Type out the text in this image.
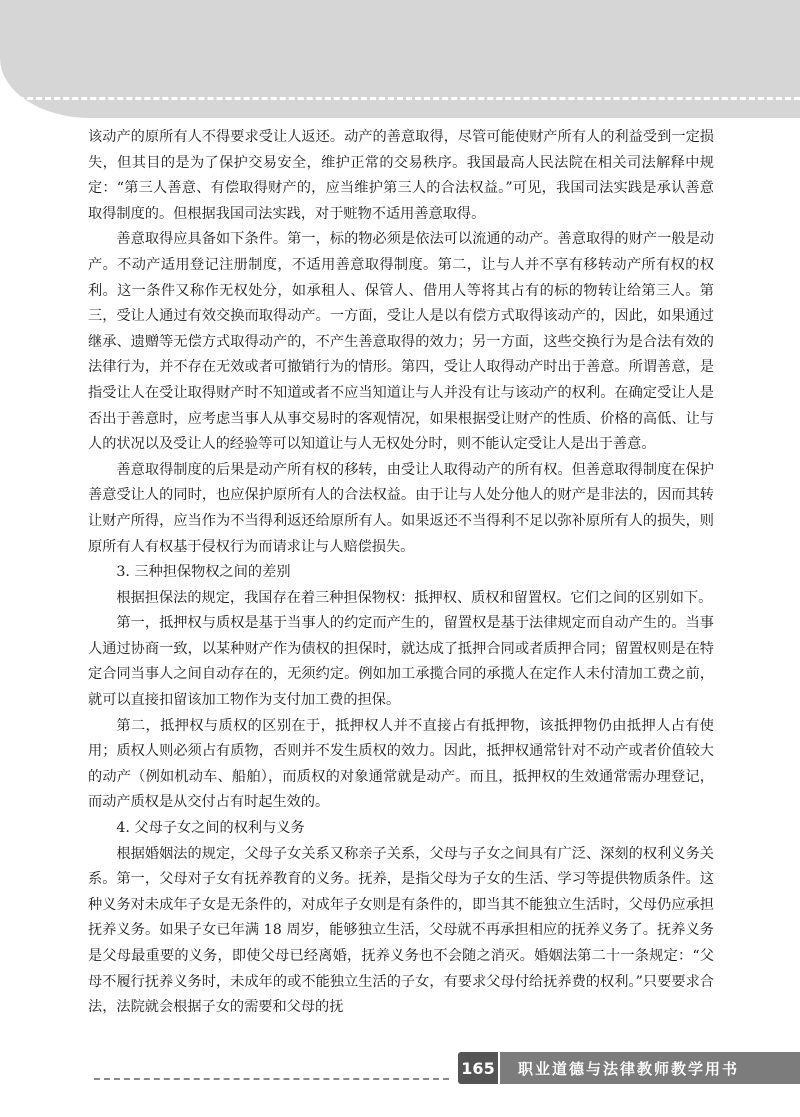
该动产的原所有人不得要求受让人返还。动产的善意取得，尽管可能使财产所有人的利益受到一定损失，但其目的是为了保护交易安全，维护正常的交易秩序。我国最高人民法院在相关司法解释中规定：“第三人善意、有偿取得财产的，应当维护第三人的合法权益。”可见，我国司法实践是承认善意取得制度的。但根据我国司法实践，对于赃物不适用善意取得。

善意取得应具备如下条件。第一，标的物必须是依法可以流通的动产。善意取得的财产一般是动产。不动产适用登记注册制度，不适用善意取得制度。第二，让与人并不享有移转动产所有权的权利。这一条件又称作无权处分，如承租人、保管人、借用人等将其占有的标的物转让给第三人。第三，受让人通过有效交换而取得动产。一方面，受让人是以有偿方式取得该动产的，因此，如果通过继承、遗赠等无偿方式取得动产的，不产生善意取得的效力；另一方面，这些交换行为是合法有效的法律行为，并不存在无效或者可撤销行为的情形。第四，受让人取得动产时出于善意。所谓善意，是指受让人在受让取得财产时不知道或者不应当知道让与人并没有让与该动产的权利。在确定受让人是否出于善意时，应考虑当事人从事交易时的客观情况，如果根据受让财产的性质、价格的高低、让与人的状况以及受让人的经验等可以知道让与人无权处分时，则不能认定受让人是出于善意。

善意取得制度的后果是动产所有权的移转，由受让人取得动产的所有权。但善意取得制度在保护善意受让人的同时，也应保护原所有人的合法权益。由于让与人处分他人的财产是非法的，因而其转让财产所得，应当作为不当得利返还给原所有人。如果返还不当得利不足以弥补原所有人的损失，则原所有人有权基于侵权行为而请求让与人赔偿损失。

3. 三种担保物权之间的差别

根据担保法的规定，我国存在着三种担保物权：抵押权、质权和留置权。它们之间的区别如下。

第一，抵押权与质权是基于当事人的约定而产生的，留置权是基于法律规定而自动产生的。当事人通过协商一致，以某种财产作为债权的担保时，就达成了抵押合同或者质押合同；留置权则是在特定合同当事人之间自动存在的，无须约定。例如加工承揽合同的承揽人在定作人未付清加工费之前，就可以直接扣留该加工物作为支付加工费的担保。

第二，抵押权与质权的区别在于，抵押权人并不直接占有抵押物，该抵押物仍由抵押人占有使用；质权人则必须占有质物，否则并不发生质权的效力。因此，抵押权通常针对不动产或者价值较大的动产（例如机动车、船舶），而质权的对象通常就是动产。而且，抵押权的生效通常需办理登记，而动产质权是从交付占有时起生效的。

4. 父母子女之间的权利与义务

根据婚姻法的规定，父母子女关系又称亲子关系，父母与子女之间具有广泛、深刻的权利义务关系。第一，父母对子女有抚养教育的义务。抚养，是指父母为子女的生活、学习等提供物质条件。这种义务对未成年子女是无条件的，对成年子女则是有条件的，即当其不能独立生活时，父母仍应承担抚养义务。如果子女已年满 18 周岁，能够独立生活，父母就不再承担相应的抚养义务了。抚养义务是父母最重要的义务，即使父母已经离婚，抚养义务也不会随之消灭。婚姻法第二十一条规定：“父母不履行抚养义务时，未成年的或不能独立生活的子女，有要求父母付给抚养费的权利。”只要要求合法，法院就会根据子女的需要和父母的抚

165	职业道德与法律教师教学用书
